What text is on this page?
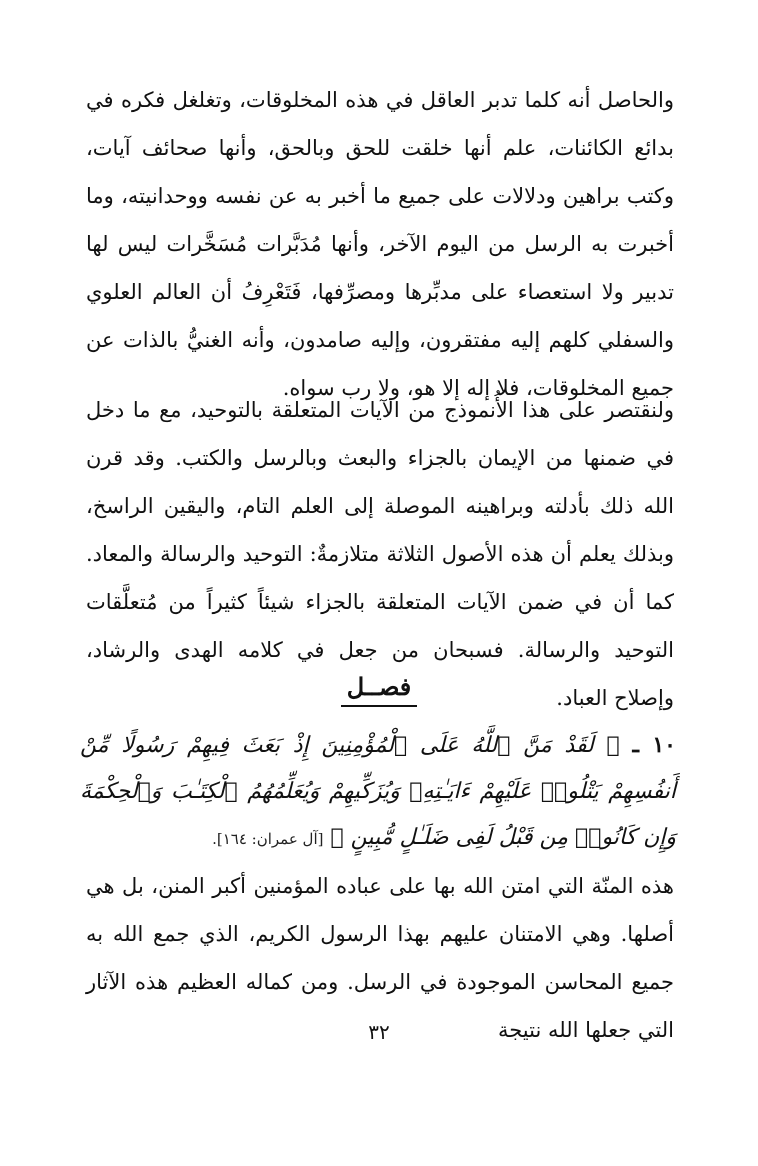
والحاصل أنه كلما تدبر العاقل في هذه المخلوقات، وتغلغل فكره في بدائع الكائنات، علم أنها خلقت للحق وبالحق، وأنها صحائف آيات، وكتب براهين ودلالات على جميع ما أخبر به عن نفسه ووحدانيته، وما أخبرت به الرسل من اليوم الآخر، وأنها مُدَبَّرات مُسَخَّرات ليس لها تدبير ولا استعصاء على مدبِّرها ومصرِّفها، فَتَعْرِفُ أن العالم العلوي والسفلي كلهم إليه مفتقرون، وإليه صامدون، وأنه الغنيُّ بالذات عن جميع المخلوقات، فلا إله إلا هو، ولا رب سواه.

ولنقتصر على هذا الأُنموذج من الآيات المتعلقة بالتوحيد، مع ما دخل في ضمنها من الإيمان بالجزاء والبعث وبالرسل والكتب. وقد قرن الله ذلك بأدلته وبراهينه الموصلة إلى العلم التام، واليقين الراسخ، وبذلك يعلم أن هذه الأصول الثلاثة متلازمةٌ: التوحيد والرسالة والمعاد. كما أن في ضمن الآيات المتعلقة بالجزاء شيئاً كثيراً من مُتعلَّقات التوحيد والرسالة. فسبحان من جعل في كلامه الهدى والرشاد، وإصلاح العباد.

فصــل
١٠ ـ ﴿ لَقَدْ مَنَّ ٱللَّهُ عَلَى ٱلْمُؤْمِنِينَ إِذْ بَعَثَ فِيهِمْ رَسُولًا مِّنْ أَنفُسِهِمْ يَتْلُوا۟ عَلَيْهِمْ ءَايَـٰتِهِۦ وَيُزَكِّيهِمْ وَيُعَلِّمُهُمُ ٱلْكِتَـٰبَ وَٱلْحِكْمَةَ وَإِن كَانُوا۟ مِن قَبْلُ لَفِى ضَلَـٰلٍ مُّبِينٍ ﴾ [آل عمران: ١٦٤].

هذه المنّة التي امتن الله بها على عباده المؤمنين أكبر المنن، بل هي أصلها. وهي الامتنان عليهم بهذا الرسول الكريم، الذي جمع الله به جميع المحاسن الموجودة في الرسل. ومن كماله العظيم هذه الآثار التي جعلها الله نتيجة

٣٢
